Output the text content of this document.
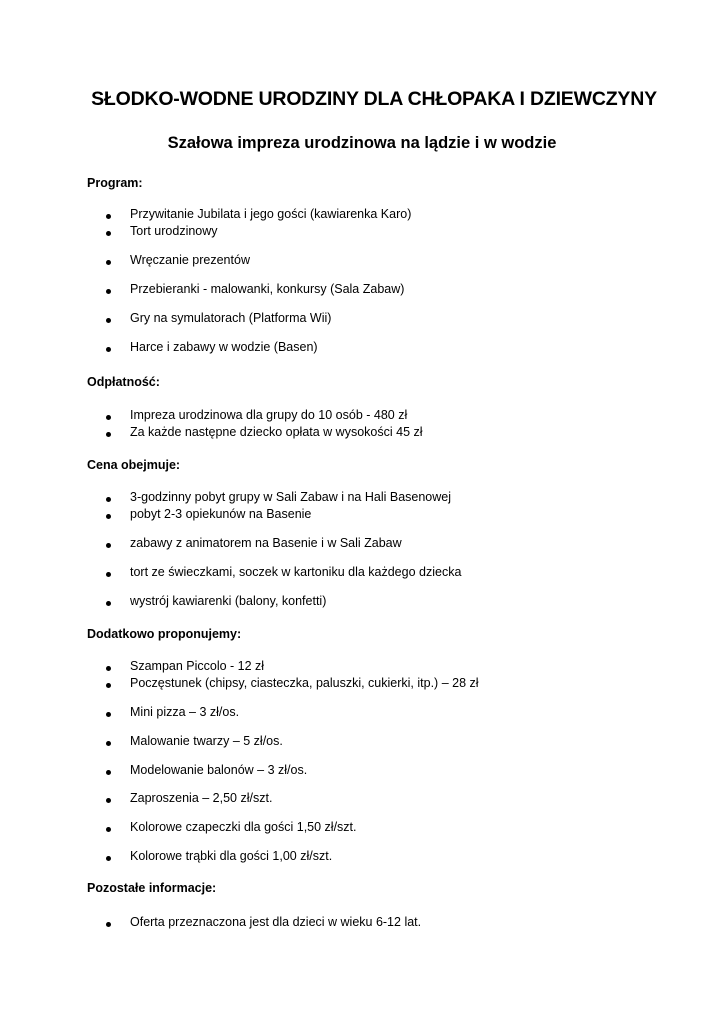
SŁODKO-WODNE URODZINY DLA CHŁOPAKA I DZIEWCZYNY
Szałowa impreza urodzinowa na lądzie i w wodzie
Program:
Przywitanie Jubilata i jego gości (kawiarenka Karo)
Tort urodzinowy
Wręczanie prezentów
Przebieranki - malowanki, konkursy (Sala Zabaw)
Gry na symulatorach (Platforma Wii)
Harce i zabawy w wodzie (Basen)
Odpłatność:
Impreza urodzinowa dla grupy do 10 osób - 480 zł
Za każde następne dziecko opłata w wysokości 45 zł
Cena obejmuje:
3-godzinny pobyt grupy w Sali Zabaw i na Hali Basenowej
pobyt 2-3 opiekunów na Basenie
zabawy z animatorem na Basenie i w Sali Zabaw
tort ze świeczkami, soczek w kartoniku dla każdego dziecka
wystrój kawiarenki (balony, konfetti)
Dodatkowo proponujemy:
Szampan Piccolo - 12 zł
Poczęstunek (chipsy, ciasteczka, paluszki, cukierki, itp.) – 28 zł
Mini pizza – 3 zł/os.
Malowanie twarzy – 5 zł/os.
Modelowanie balonów – 3 zł/os.
Zaproszenia – 2,50 zł/szt.
Kolorowe czapeczki dla gości 1,50 zł/szt.
Kolorowe trąbki dla gości 1,00 zł/szt.
Pozostałe informacje:
Oferta przeznaczona jest dla dzieci w wieku 6-12 lat.
